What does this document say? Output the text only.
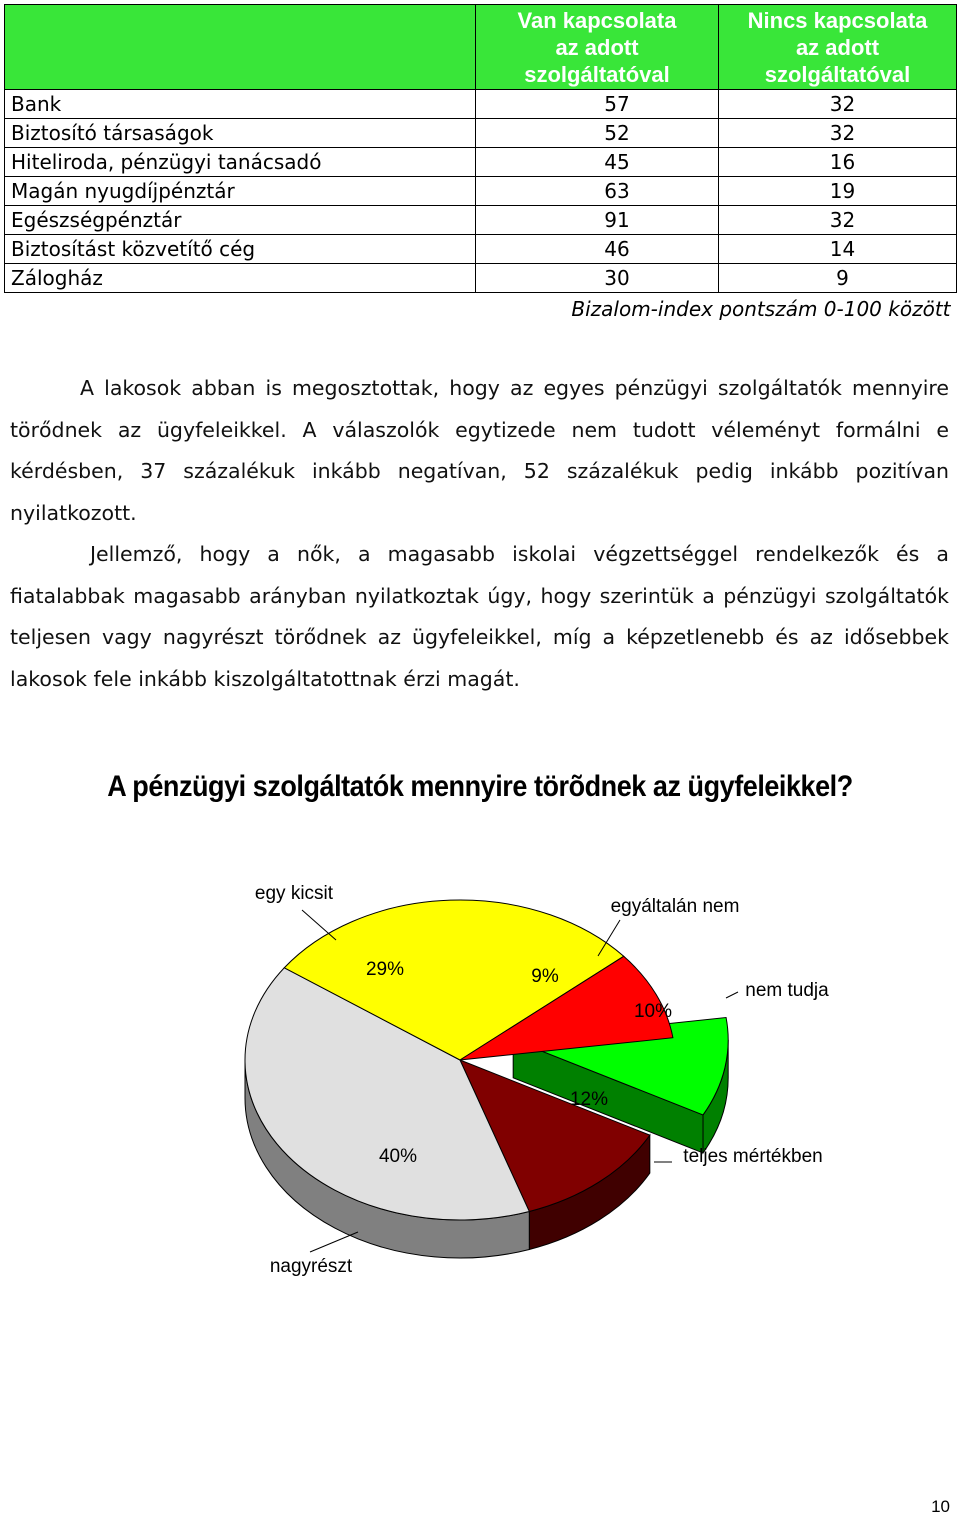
	Van kapcsolata
az adott
szolgáltatóval	Nincs kapcsolata
az adott
szolgáltatóval
Bank	57	32
Biztosító társaságok	52	32
Hiteliroda, pénzügyi tanácsadó	45	16
Magán nyugdíjpénztár	63	19
Egészségpénztár	91	32
Biztosítást közvetítő cég	46	14
Zálogház	30	9
Bizalom-index pontszám 0-100 között		

A lakosok abban is megosztottak, hogy az egyes pénzügyi szolgáltatók mennyire törődnek az ügyfeleikkel. A válaszolók egytizede nem tudott véleményt formálni e kérdésben, 37 százalékuk inkább negatívan, 52 százalékuk pedig inkább pozitívan nyilatkozott.

Jellemző, hogy a nők, a magasabb iskolai végzettséggel rendelkezők és a fiatalabbak magasabb arányban nyilatkoztak úgy, hogy szerintük a pénzügyi szolgáltatók teljesen vagy nagyrészt törődnek az ügyfeleikkel, míg a képzetlenebb és az idősebbek lakosok fele inkább kiszolgáltatottnak érzi magát.

A pénzügyi szolgáltatók mennyire törõdnek az ügyfeleikkel?
10%
nem tudja
12%
teljes mértékben
40%
nagyrészt
29%
egy kicsit
9%
egyáltalán nem
10
